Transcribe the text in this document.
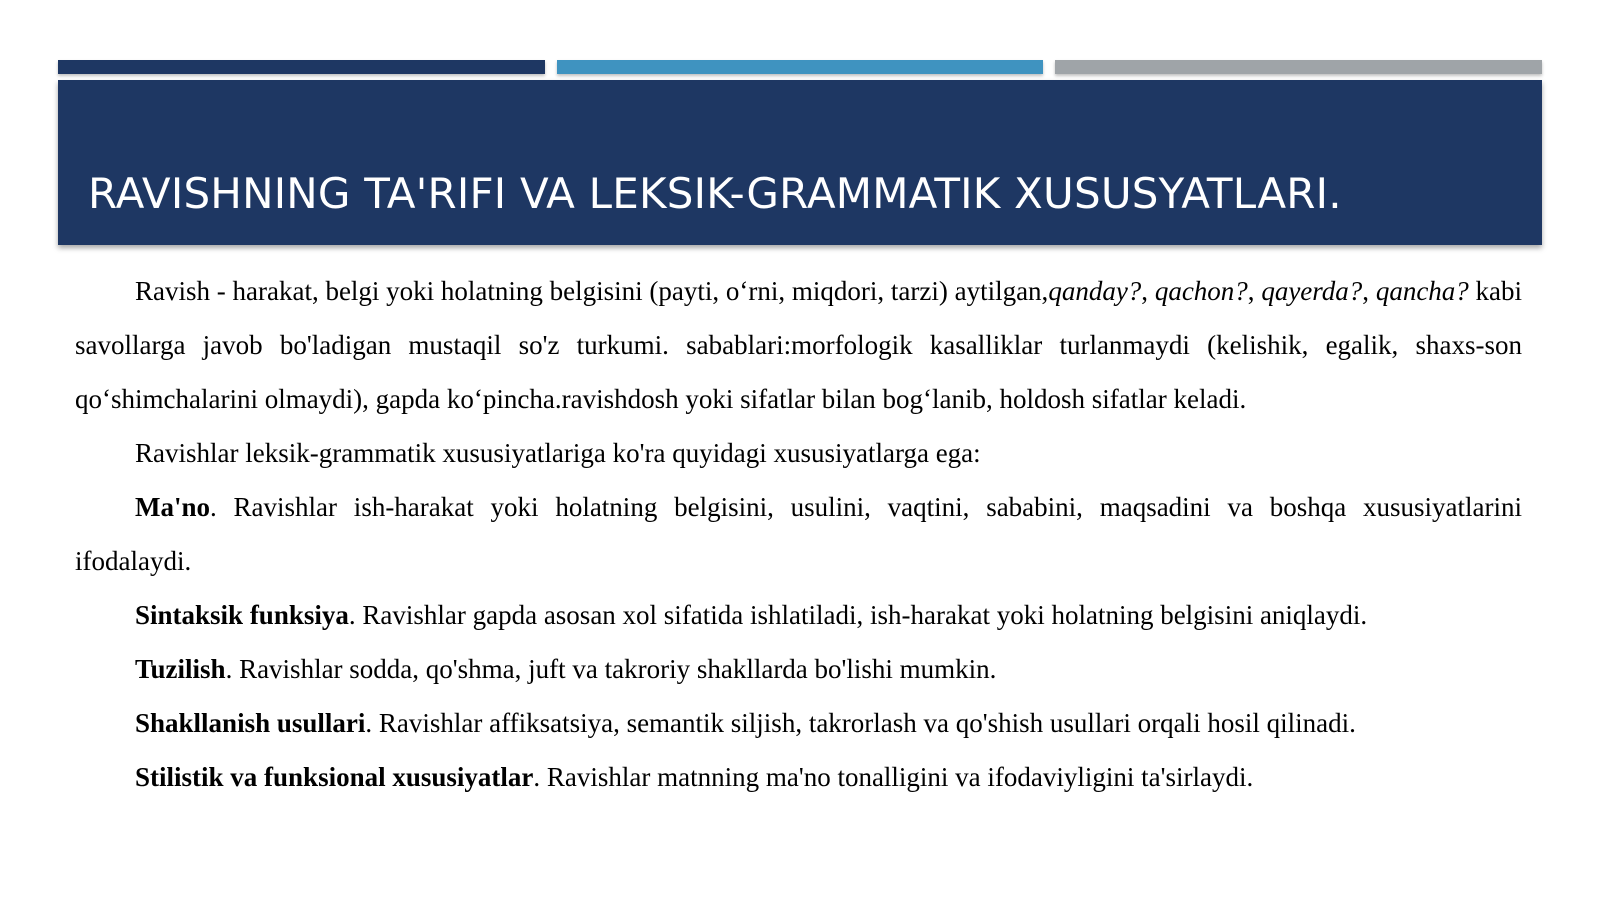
RAVISHNING TA'RIFI VA LEKSIK-GRAMMATIK XUSUSYATLARI.

Ravish - harakat, belgi yoki holatning belgisini (payti, o‘rni, miqdori, tarzi) aytilgan,qanday?, qachon?, qayerda?, qancha? kabi savollarga javob bo'ladigan mustaqil so'z turkumi. sabablari:morfologik kasalliklar turlanmaydi (kelishik, egalik, shaxs-son qo‘shimchalarini olmaydi), gapda ko‘pincha.ravishdosh yoki sifatlar bilan bog‘lanib, holdosh sifatlar keladi.

Ravishlar leksik-grammatik xususiyatlariga ko'ra quyidagi xususiyatlarga ega:

Ma'no. Ravishlar ish-harakat yoki holatning belgisini, usulini, vaqtini, sababini, maqsadini va boshqa xususiyatlarini ifodalaydi.

Sintaksik funksiya. Ravishlar gapda asosan xol sifatida ishlatiladi, ish-harakat yoki holatning belgisini aniqlaydi.

Tuzilish. Ravishlar sodda, qo'shma, juft va takroriy shakllarda bo'lishi mumkin.

Shakllanish usullari. Ravishlar affiksatsiya, semantik siljish, takrorlash va qo'shish usullari orqali hosil qilinadi.

Stilistik va funksional xususiyatlar. Ravishlar matnning ma'no tonalligini va ifodaviyligini ta'sirlaydi.
